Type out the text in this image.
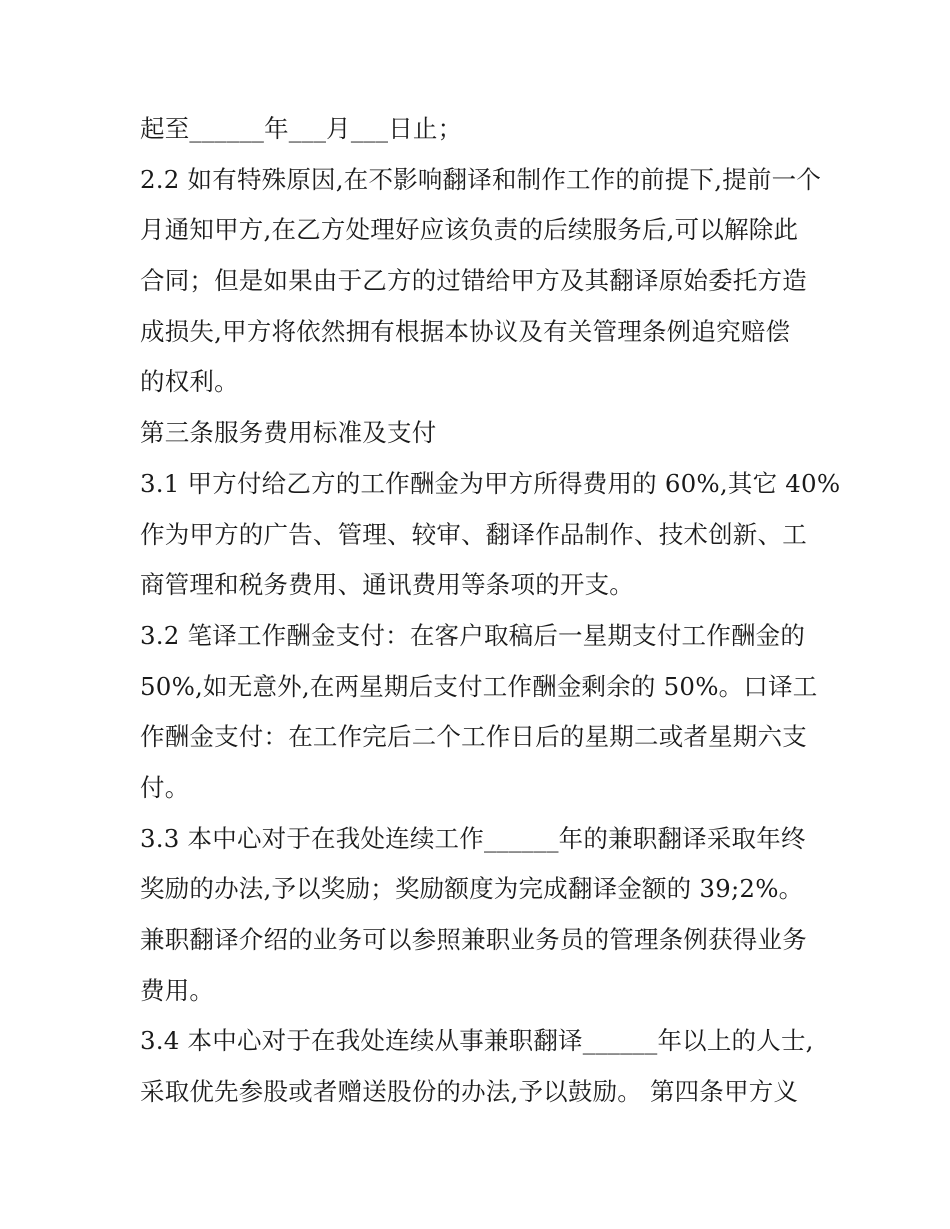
起至______年___月___日止；
2.2 如有特殊原因,在不影响翻译和制作工作的前提下,提前一个
月通知甲方,在乙方处理好应该负责的后续服务后,可以解除此
合同；但是如果由于乙方的过错给甲方及其翻译原始委托方造
成损失,甲方将依然拥有根据本协议及有关管理条例追究赔偿
的权利。
第三条服务费用标准及支付
3.1 甲方付给乙方的工作酬金为甲方所得费用的 60%,其它 40%
作为甲方的广告、管理、较审、翻译作品制作、技术创新、工
商管理和税务费用、通讯费用等条项的开支。
3.2 笔译工作酬金支付：在客户取稿后一星期支付工作酬金的
50%,如无意外,在两星期后支付工作酬金剩余的 50%。口译工
作酬金支付：在工作完后二个工作日后的星期二或者星期六支
付。
3.3 本中心对于在我处连续工作______年的兼职翻译采取年终
奖励的办法,予以奖励；奖励额度为完成翻译金额的 39;2%。
兼职翻译介绍的业务可以参照兼职业务员的管理条例获得业务
费用。
3.4 本中心对于在我处连续从事兼职翻译______年以上的人士,
采取优先参股或者赠送股份的办法,予以鼓励。 第四条甲方义
